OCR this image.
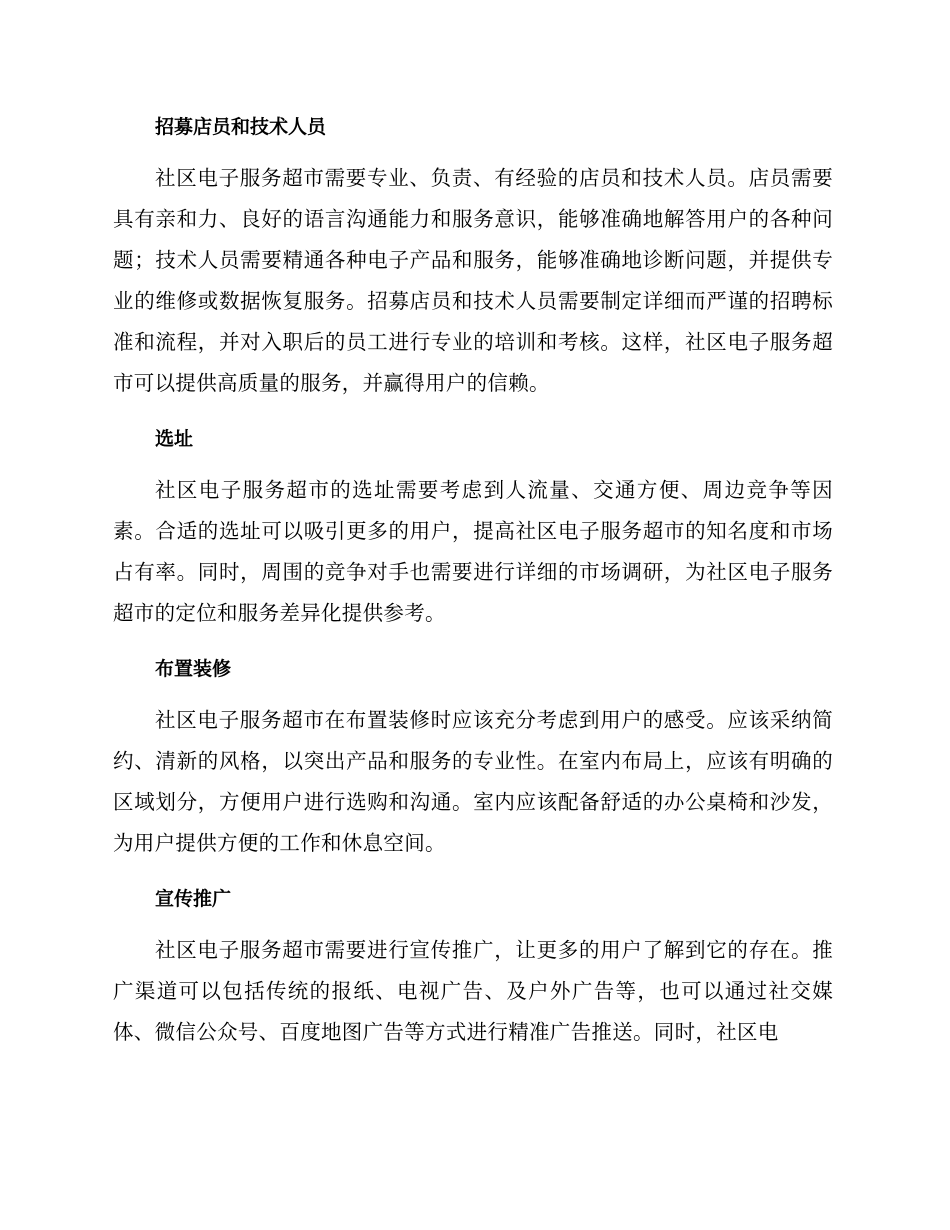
招募店员和技术人员

社区电子服务超市需要专业、负责、有经验的店员和技术人员。店员需要具有亲和力、良好的语言沟通能力和服务意识，能够准确地解答用户的各种问题；技术人员需要精通各种电子产品和服务，能够准确地诊断问题，并提供专业的维修或数据恢复服务。招募店员和技术人员需要制定详细而严谨的招聘标准和流程，并对入职后的员工进行专业的培训和考核。这样，社区电子服务超市可以提供高质量的服务，并赢得用户的信赖。

选址

社区电子服务超市的选址需要考虑到人流量、交通方便、周边竞争等因素。合适的选址可以吸引更多的用户，提高社区电子服务超市的知名度和市场占有率。同时，周围的竞争对手也需要进行详细的市场调研，为社区电子服务超市的定位和服务差异化提供参考。

布置装修

社区电子服务超市在布置装修时应该充分考虑到用户的感受。应该采纳简约、清新的风格，以突出产品和服务的专业性。在室内布局上，应该有明确的区域划分，方便用户进行选购和沟通。室内应该配备舒适的办公桌椅和沙发，为用户提供方便的工作和休息空间。

宣传推广

社区电子服务超市需要进行宣传推广，让更多的用户了解到它的存在。推广渠道可以包括传统的报纸、电视广告、及户外广告等，也可以通过社交媒体、微信公众号、百度地图广告等方式进行精准广告推送。同时，社区电
